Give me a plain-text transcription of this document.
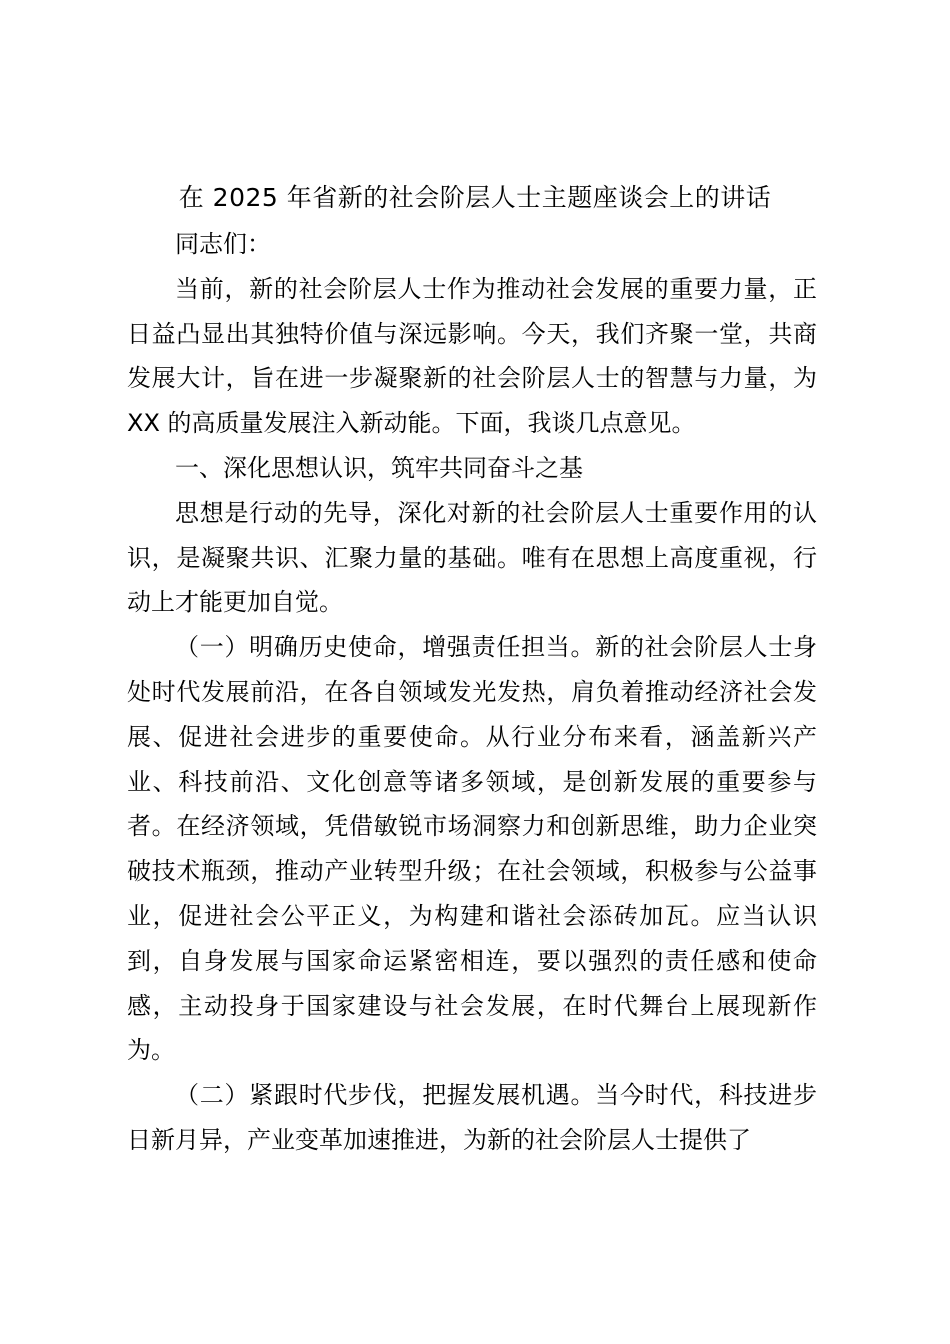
在 2025 年省新的社会阶层人士主题座谈会上的讲话

同志们：

当前，新的社会阶层人士作为推动社会发展的重要力量，正日益凸显出其独特价值与深远影响。今天，我们齐聚一堂，共商发展大计，旨在进一步凝聚新的社会阶层人士的智慧与力量，为 XX 的高质量发展注入新动能。下面，我谈几点意见。

一、深化思想认识，筑牢共同奋斗之基

思想是行动的先导，深化对新的社会阶层人士重要作用的认识，是凝聚共识、汇聚力量的基础。唯有在思想上高度重视，行动上才能更加自觉。

（一）明确历史使命，增强责任担当。新的社会阶层人士身处时代发展前沿，在各自领域发光发热，肩负着推动经济社会发展、促进社会进步的重要使命。从行业分布来看，涵盖新兴产业、科技前沿、文化创意等诸多领域，是创新发展的重要参与者。在经济领域，凭借敏锐市场洞察力和创新思维，助力企业突破技术瓶颈，推动产业转型升级；在社会领域，积极参与公益事业，促进社会公平正义，为构建和谐社会添砖加瓦。应当认识到，自身发展与国家命运紧密相连，要以强烈的责任感和使命感，主动投身于国家建设与社会发展，在时代舞台上展现新作为。

（二）紧跟时代步伐，把握发展机遇。当今时代，科技进步日新月异，产业变革加速推进，为新的社会阶层人士提供了
